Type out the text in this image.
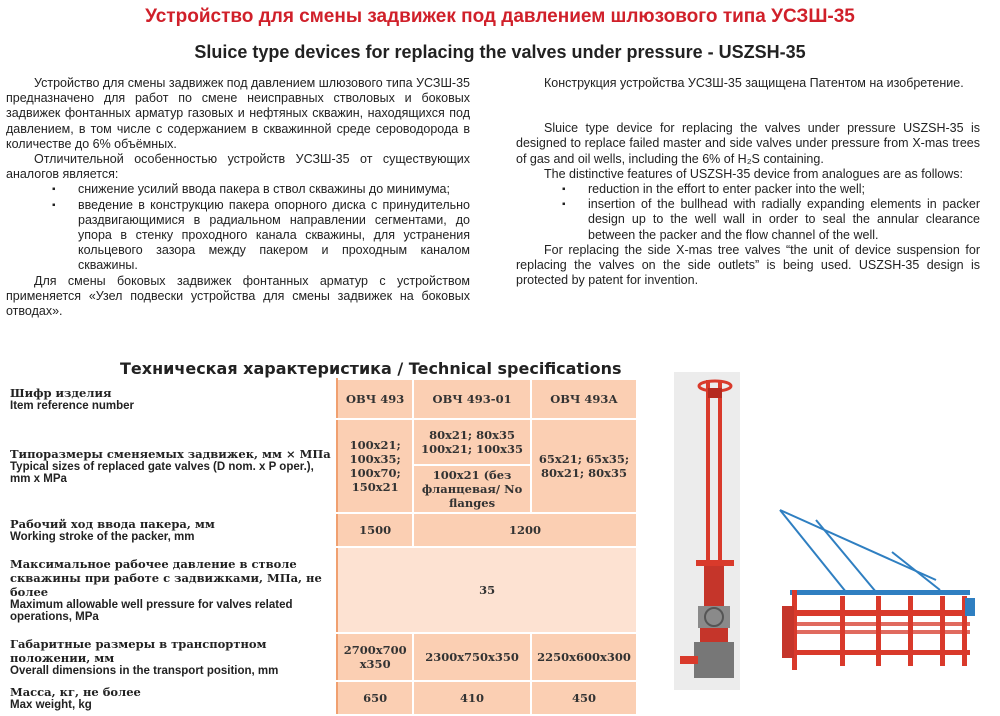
Устройство для смены задвижек под давлением шлюзового типа УСЗШ-35
Sluice type devices for replacing the valves under pressure - USZSH-35

Устройство для смены задвижек под давлением шлюзового типа УСЗШ-35 предназначено для работ по смене неисправных стволовых и боковых задвижек фонтанных арматур газовых и нефтяных скважин, находящихся под давлением, в том числе с содержанием в скважинной среде сероводорода в количестве до 6% объёмных.

Отличительной особенностью устройств УСЗШ-35 от существующих аналогов является:

▪ снижение усилий ввода пакера в ствол скважины до минимума;
▪ введение в конструкцию пакера опорного диска с принудительно раздвигающимися в радиальном направлении сегментами, до упора в стенку проходного канала скважины, для устранения кольцевого зазора между пакером и проходным каналом скважины.

Для смены боковых задвижек фонтанных арматур с устройством применяется «Узел подвески устройства для смены задвижек на боковых отводах».

Конструкция устройства УСЗШ-35 защищена Патентом на изобретение.

Sluice type device for replacing the valves under pressure USZSH-35 is designed to replace failed master and side valves under pressure from X-mas trees of gas and oil wells, including the 6% of H₂S containing.

The distinctive features of USZSH-35 device from analogues are as follows:

▪ reduction in the effort to enter packer into the well;
▪ insertion of the bullhead with radially expanding elements in packer design up to the well wall in order to seal the annular clearance between the packer and the flow channel of the well.

For replacing the side X-mas tree valves “the unit of device suspension for replacing the valves on the side outlets” is being used. USZSH-35 design is protected by patent for invention.

Техническая характеристика / Technical specifications
Шифр изделия
Item reference number	ОВЧ 493	ОВЧ 493-01	ОВЧ 493А

Типоразмеры сменяемых задвижек, мм × МПа
Typical sizes of replaced gate valves (D nom. x P oper.), mm x MPa	100x21; 100x35; 100x70; 150x21	80x21; 80x35 100x21; 100x35	65x21; 65x35; 80x21; 80x35
		100x21 (без фланцевая/ No flanges	

Рабочий ход ввода пакера, мм
Working stroke of the packer, mm	1500	1200	

Максимальное рабочее давление в стволе скважины при работе с задвижками, МПа, не более
Maximum allowable well pressure for valves related operations, MPa	35		

Габаритные размеры в транспортном положении, мм
Overall dimensions in the transport position, mm	2700x700 x350	2300x750x350	2250x600x300

Масса, кг, не более
Max weight, kg	650	410	450
